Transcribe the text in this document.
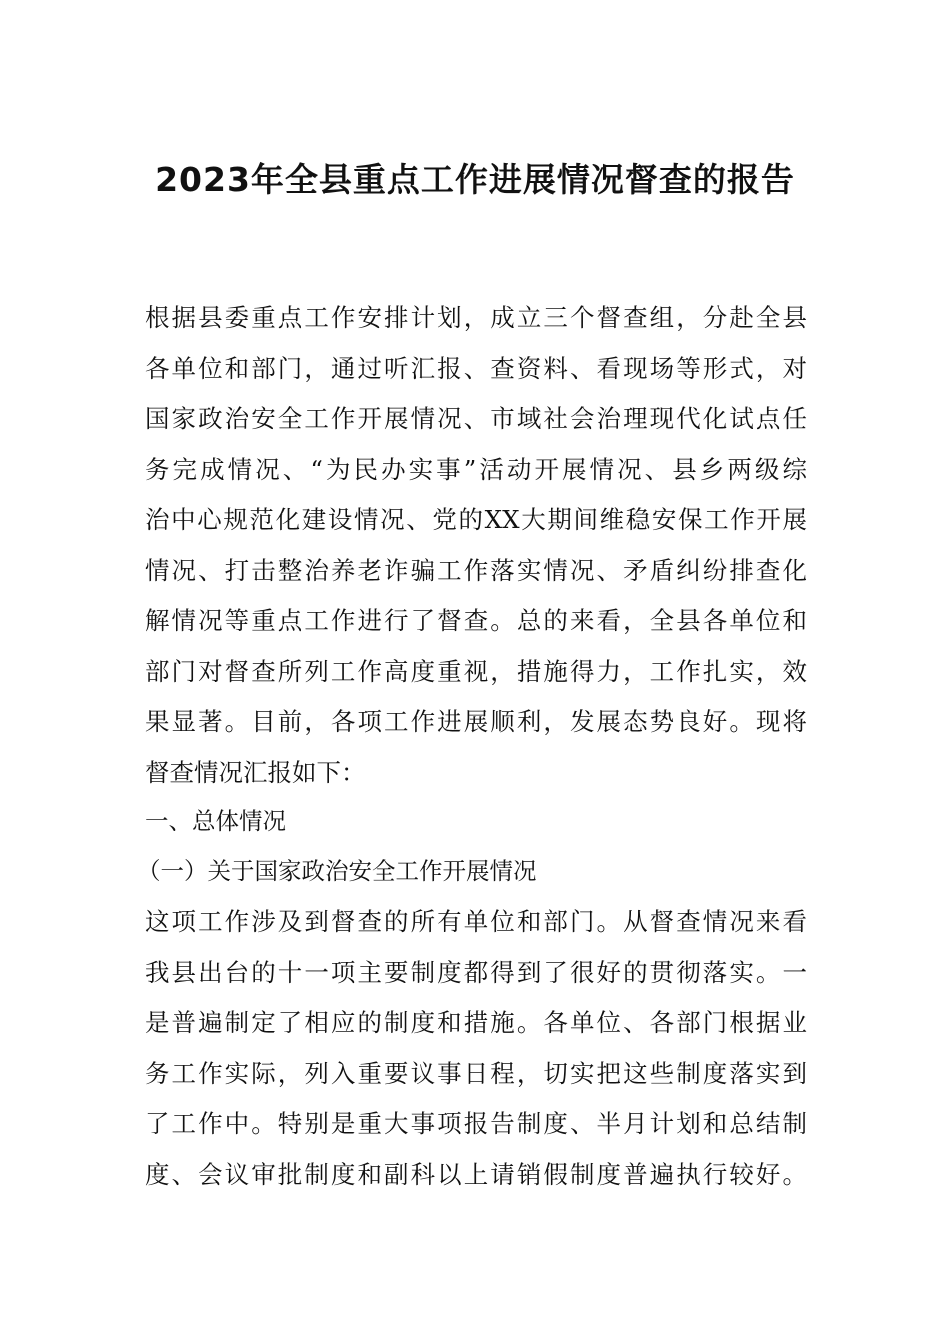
2023年全县重点工作进展情况督查的报告
根据县委重点工作安排计划，成立三个督查组，分赴全县
各单位和部门，通过听汇报、查资料、看现场等形式，对
国家政治安全工作开展情况、市域社会治理现代化试点任
务完成情况、“为民办实事”活动开展情况、县乡两级综
治中心规范化建设情况、党的XX大期间维稳安保工作开展
情况、打击整治养老诈骗工作落实情况、矛盾纠纷排查化
解情况等重点工作进行了督查。总的来看，全县各单位和
部门对督查所列工作高度重视，措施得力，工作扎实，效
果显著。目前，各项工作进展顺利，发展态势良好。现将
督查情况汇报如下：
一、总体情况
（一）关于国家政治安全工作开展情况
这项工作涉及到督查的所有单位和部门。从督查情况来看
我县出台的十一项主要制度都得到了很好的贯彻落实。一
是普遍制定了相应的制度和措施。各单位、各部门根据业
务工作实际，列入重要议事日程，切实把这些制度落实到
了工作中。特别是重大事项报告制度、半月计划和总结制
度、会议审批制度和副科以上请销假制度普遍执行较好。
